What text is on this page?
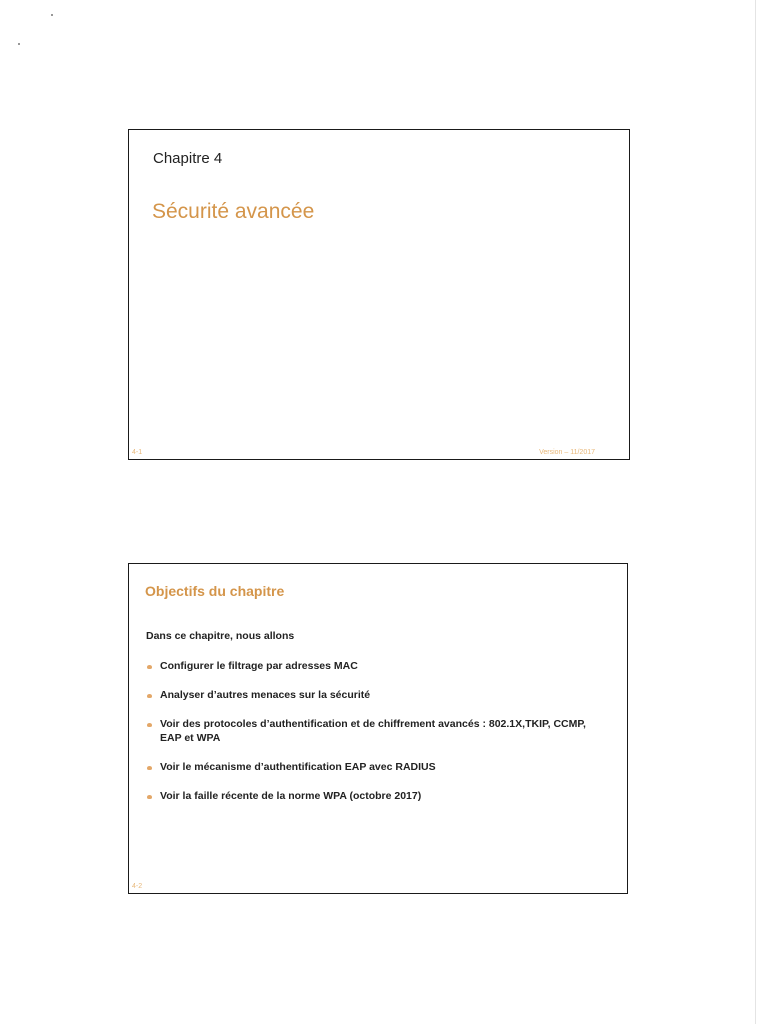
Chapitre 4
Sécurité avancée
4-1	Version – 11/2017
Objectifs du chapitre
Dans ce chapitre, nous allons
Configurer le filtrage par adresses MAC
Analyser d’autres menaces sur la sécurité
Voir des protocoles d’authentification et de chiffrement avancés : 802.1X,TKIP, CCMP, EAP et WPA
Voir le mécanisme d’authentification EAP avec RADIUS
Voir la faille récente de la norme WPA (octobre 2017)
4-2
